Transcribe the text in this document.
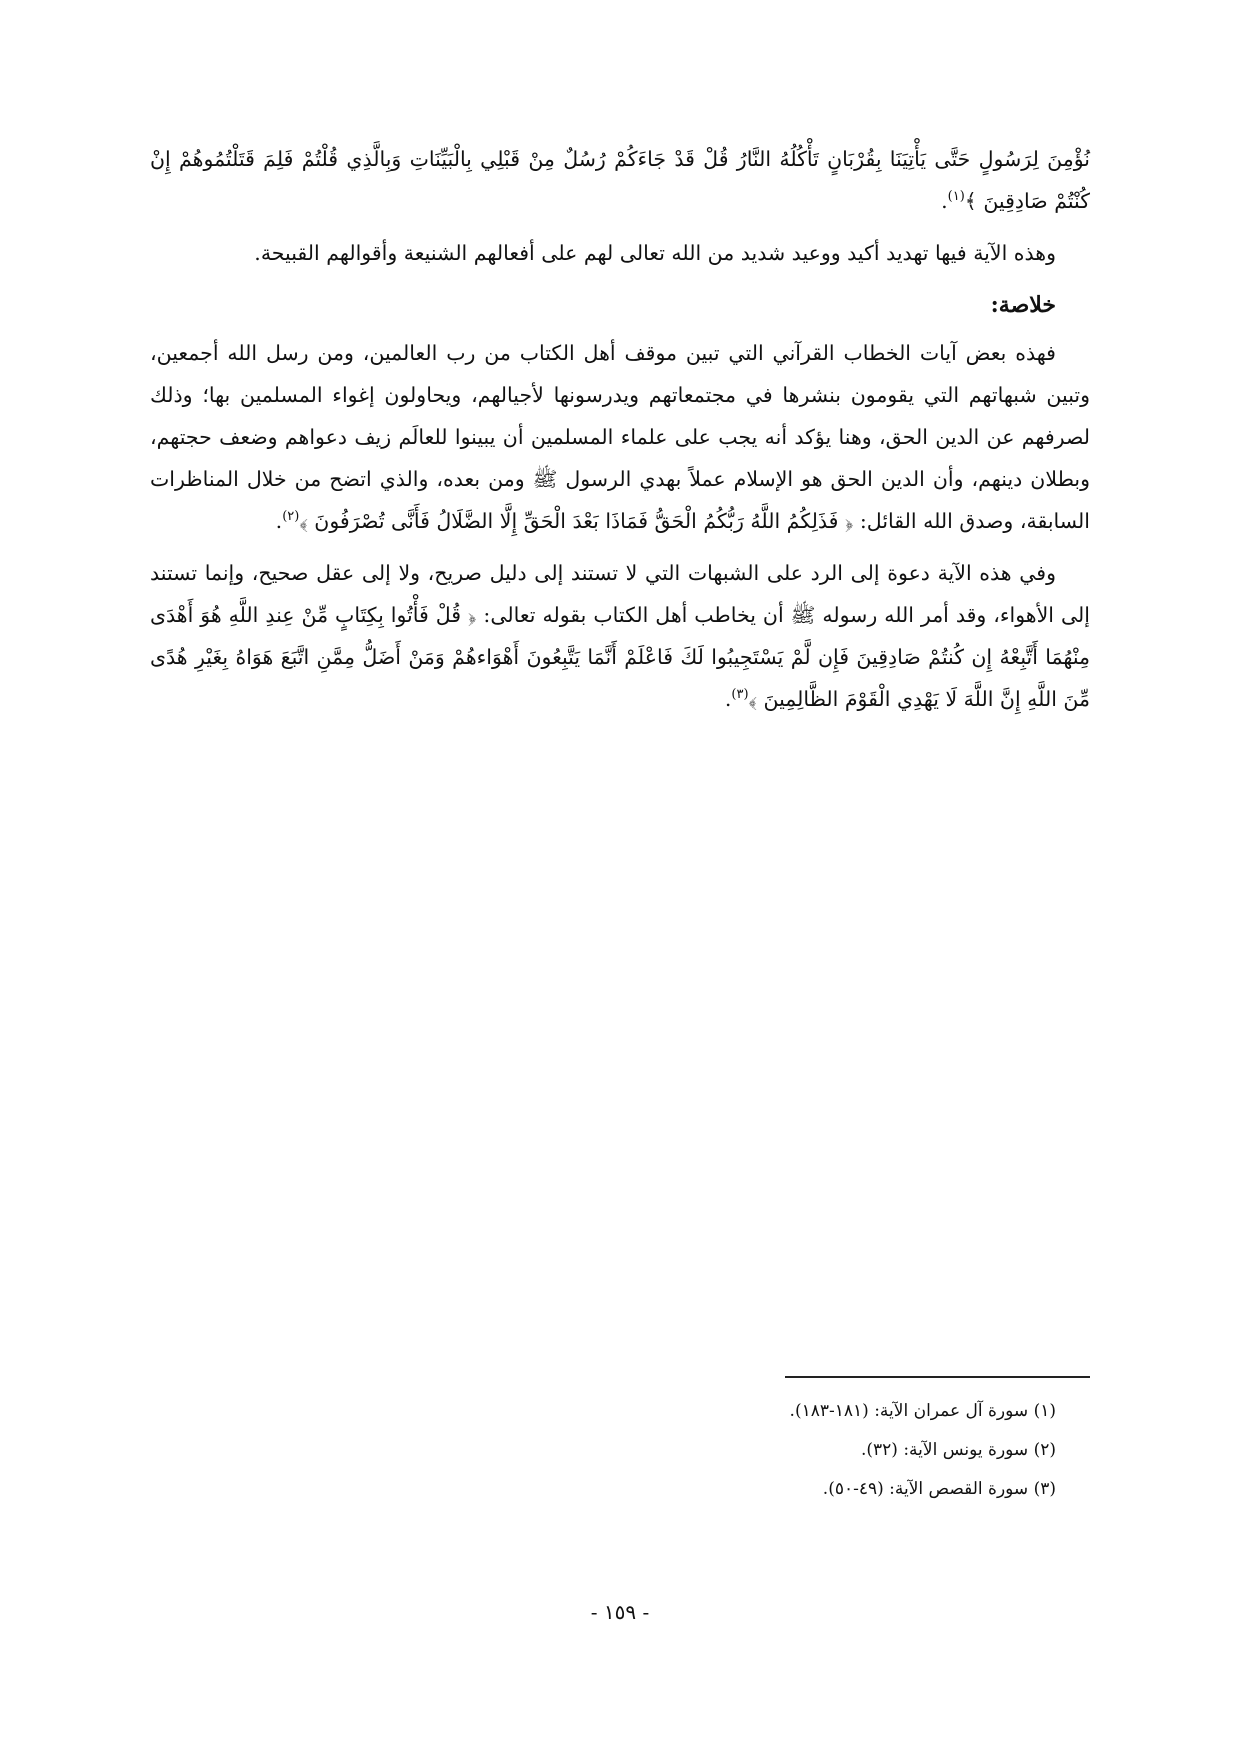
نُؤْمِنَ لِرَسُولٍ حَتَّى يَأْتِيَنَا بِقُرْبَانٍ تَأْكُلُهُ النَّارُ قُلْ قَدْ جَاءَكُمْ رُسُلٌ مِنْ قَبْلِي بِالْبَيِّنَاتِ وَبِالَّذِي قُلْتُمْ فَلِمَ قَتَلْتُمُوهُمْ إِنْ كُنْتُمْ صَادِقِينَ ﴾$^{(١)}$.

وهذه الآية فيها تهديد أكيد ووعيد شديد من الله تعالى لهم على أفعالهم الشنيعة وأقوالهم القبيحة.

خلاصة:

فهذه بعض آيات الخطاب القرآني التي تبين موقف أهل الكتاب من رب العالمين، ومن رسل الله أجمعين، وتبين شبهاتهم التي يقومون بنشرها في مجتمعاتهم ويدرسونها لأجيالهم، ويحاولون إغواء المسلمين بها؛ وذلك لصرفهم عن الدين الحق، وهنا يؤكد أنه يجب على علماء المسلمين أن يبينوا للعالَم زيف دعواهم وضعف حجتهم، وبطلان دينهم، وأن الدين الحق هو الإسلام عملاً بهدي الرسول ﷺ ومن بعده، والذي اتضح من خلال المناظرات السابقة، وصدق الله القائل: ﴿ فَذَلِكُمُ اللَّهُ رَبُّكُمُ الْحَقُّ فَمَاذَا بَعْدَ الْحَقِّ إِلَّا الضَّلَالُ فَأَنَّى تُصْرَفُونَ ﴾$^{(٢)}$.

وفي هذه الآية دعوة إلى الرد على الشبهات التي لا تستند إلى دليل صريح، ولا إلى عقل صحيح، وإنما تستند إلى الأهواء، وقد أمر الله رسوله ﷺ أن يخاطب أهل الكتاب بقوله تعالى: ﴿ قُلْ فَأْتُوا بِكِتَابٍ مِّنْ عِندِ اللَّهِ هُوَ أَهْدَى مِنْهُمَا أَتَّبِعْهُ إِن كُنتُمْ صَادِقِينَ فَإِن لَّمْ يَسْتَجِيبُوا لَكَ فَاعْلَمْ أَنَّمَا يَتَّبِعُونَ أَهْوَاءهُمْ وَمَنْ أَضَلُّ مِمَّنِ اتَّبَعَ هَوَاهُ بِغَيْرِ هُدًى مِّنَ اللَّهِ إِنَّ اللَّهَ لَا يَهْدِي الْقَوْمَ الظَّالِمِينَ ﴾$^{(٣)}$.

(١) سورة آل عمران الآية: (١٨١-١٨٣).
(٢) سورة يونس الآية: (٣٢).
(٣) سورة القصص الآية: (٤٩-٥٠).
- ١٥٩ -
